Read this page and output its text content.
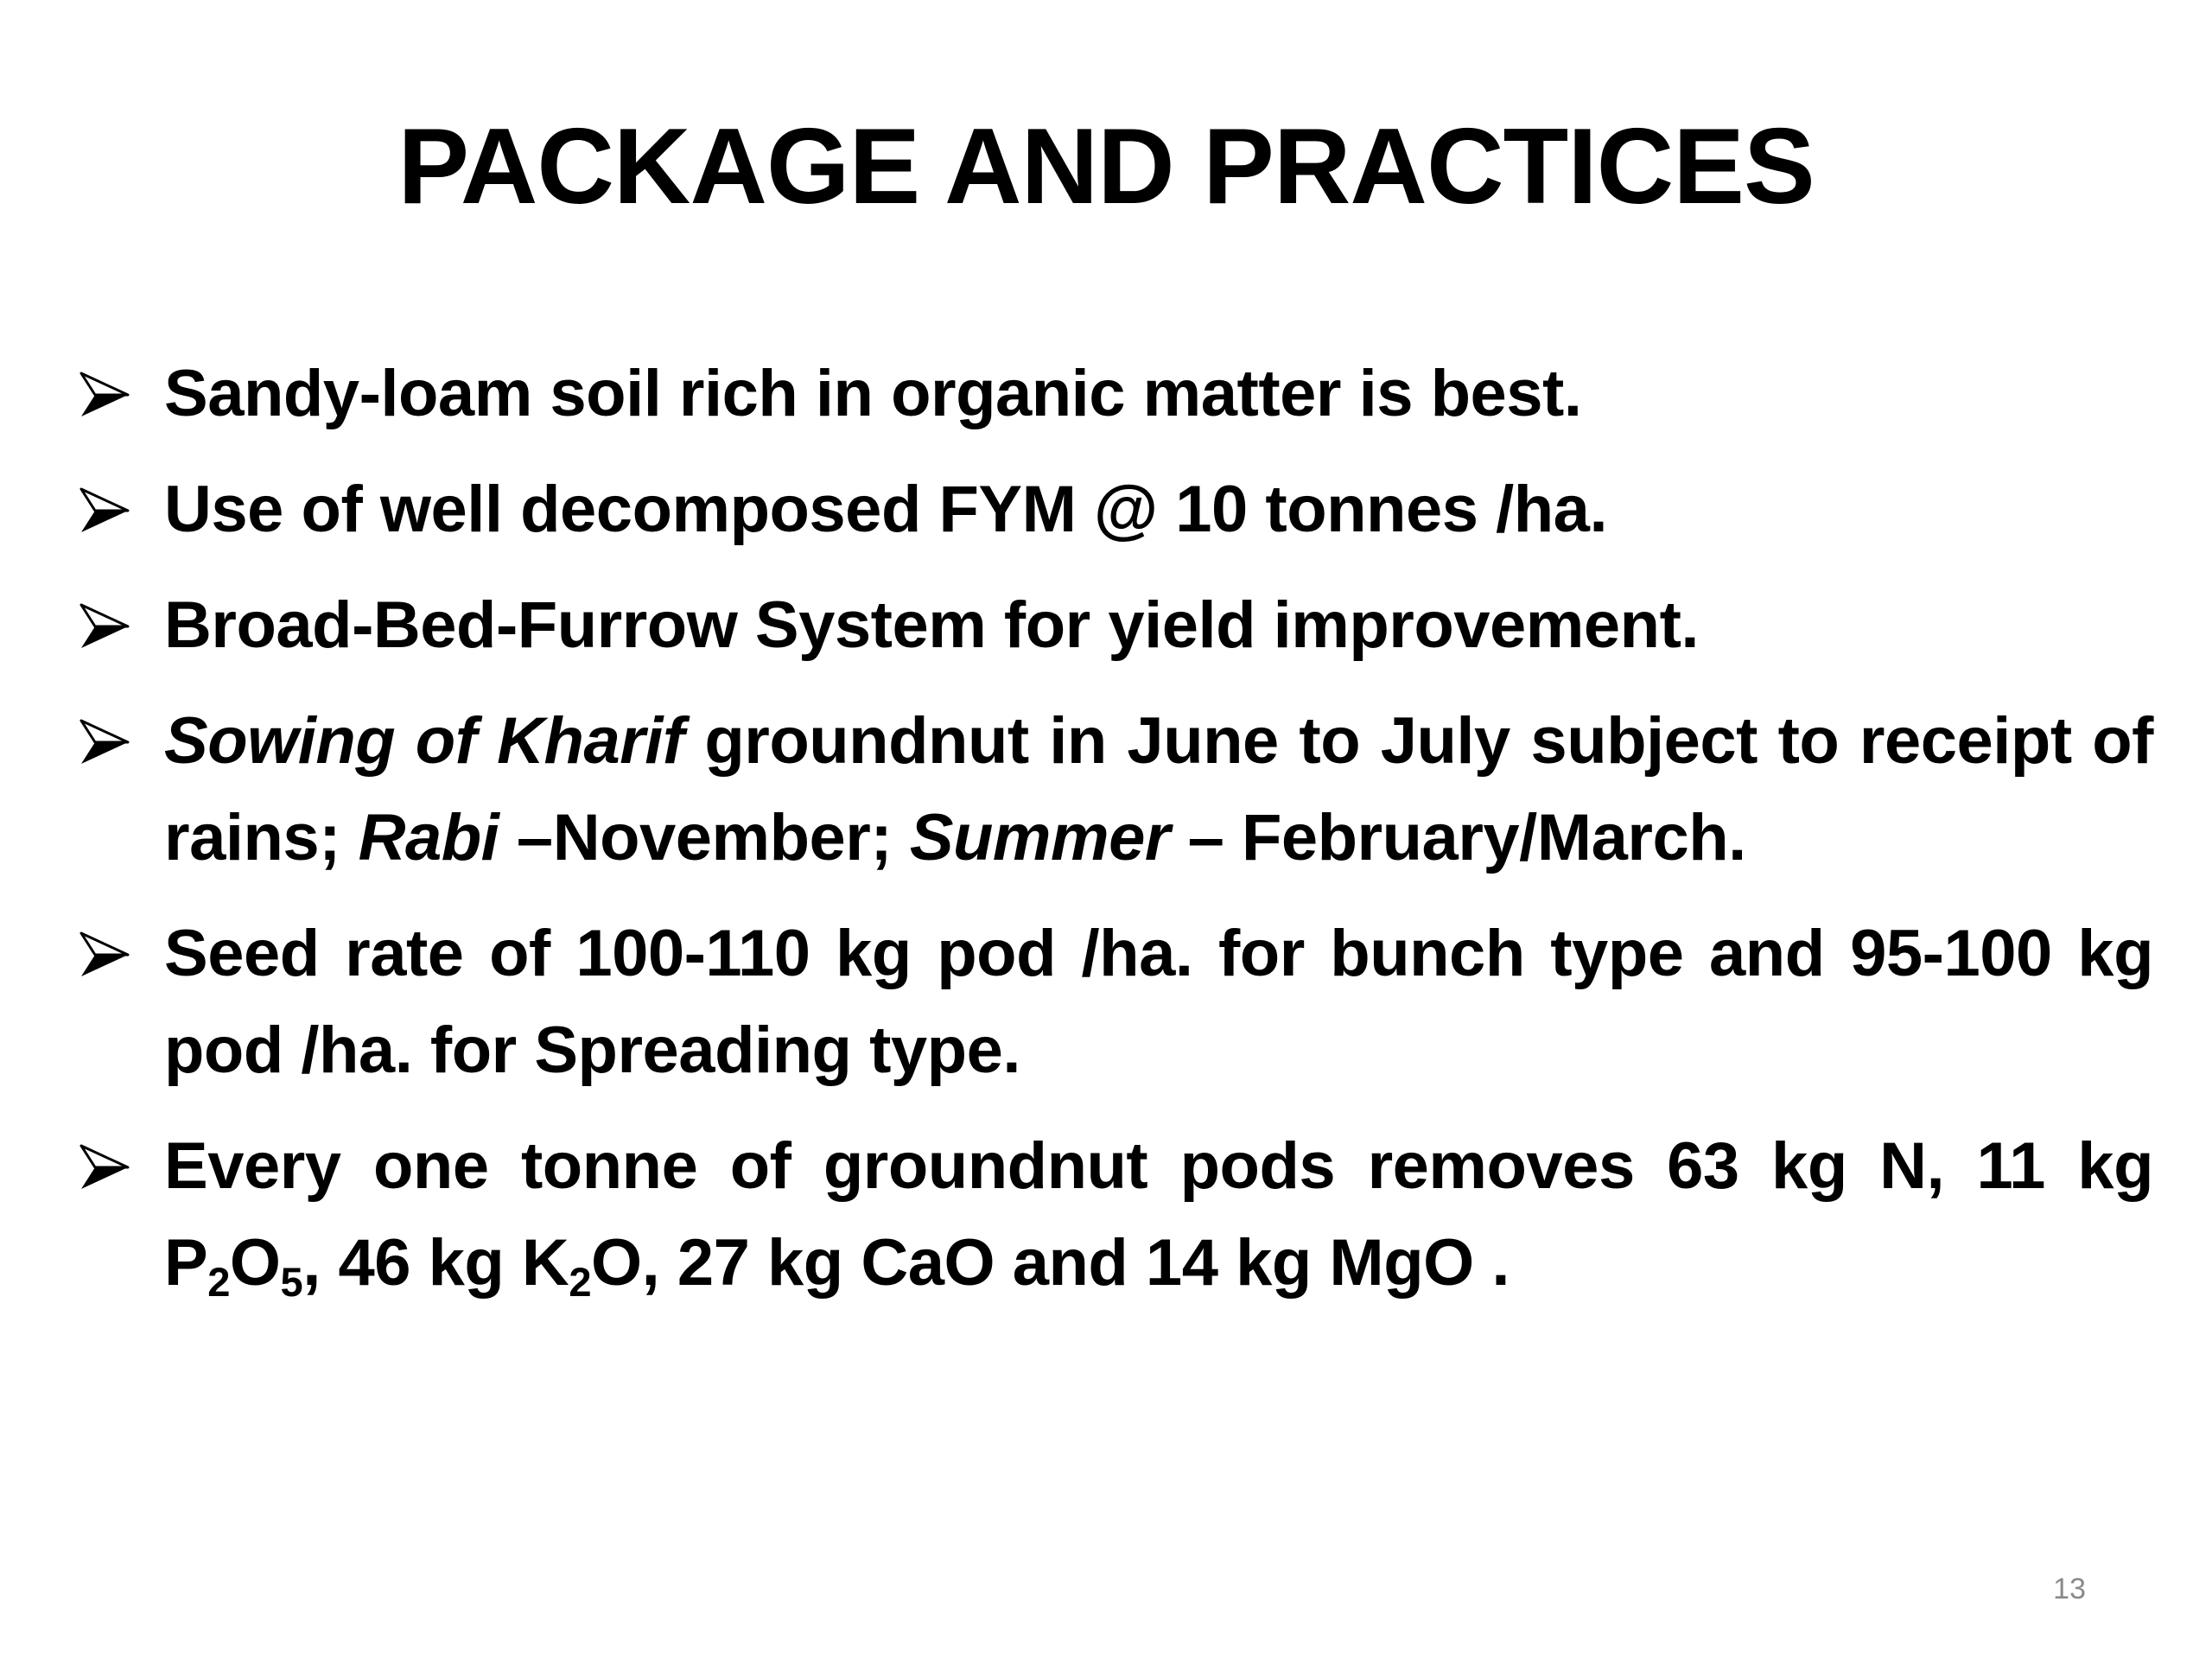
PACKAGE AND PRACTICES
Sandy-loam soil rich in organic matter is best.
Use of well decomposed FYM @ 10 tonnes /ha.
Broad-Bed-Furrow System for yield improvement.
Sowing of Kharif groundnut in June to July subject to receipt of rains; Rabi –November; Summer – February/March.
Seed rate of 100-110 kg pod /ha. for bunch type and 95-100 kg pod /ha. for Spreading type.
Every one tonne of groundnut pods removes 63 kg N, 11 kg $P_2O_5$, 46 kg $K_2O$, 27 kg CaO and 14 kg MgO .
13
